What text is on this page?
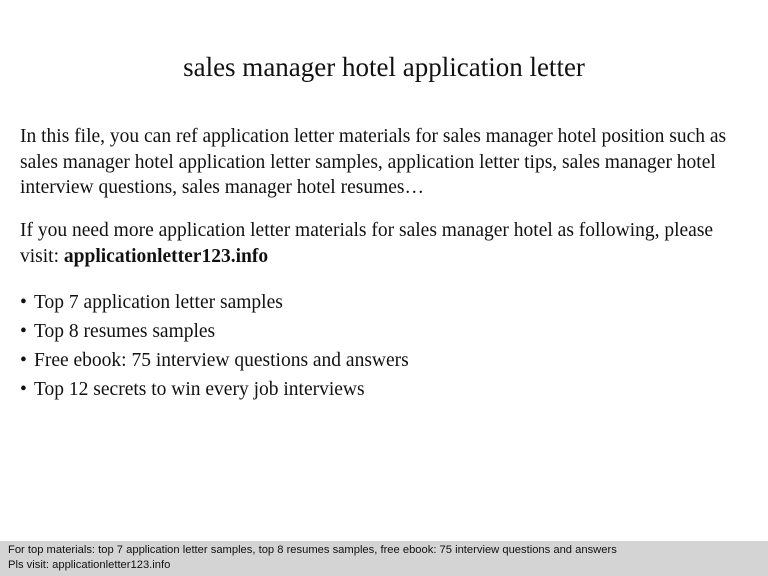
sales manager hotel application letter

In this file, you can ref application letter materials for sales manager hotel position such as sales manager hotel application letter samples, application letter tips, sales manager hotel interview questions, sales manager hotel resumes…

If you need more application letter materials for sales manager hotel as following, please visit: applicationletter123.info

• Top 7 application letter samples
• Top 8 resumes samples
• Free ebook: 75 interview questions and answers
• Top 12 secrets to win every job interviews
For top materials: top 7 application letter samples, top 8 resumes samples, free ebook: 75 interview questions and answers
Pls visit: applicationletter123.info
